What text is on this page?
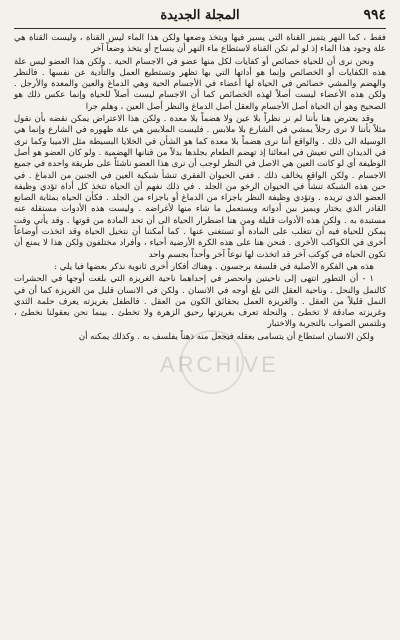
٩٩٤
المجلة الجديدة

فقط ، كما النهر يتميز القناة التي يسير فيها ويتخذ وضعها ولكن هذا الماء ليس القناة ، وليست القناة هي علة وجود هذا الماء إذ لو لم تكن القناة لاستطاع ماء النهر أن ينساح أو يتخذ وضعاً آخر

ونحن نرى أن للحياة خصائص أو كفايات لكل منها عضو في الاجسام الحية . ولكن هذا العضو ليس علة هذه الكفايات أو الخصائص وإنما هو أداتها التي بها تظهر وتستطيع العمل والتأدية عن نفسها . فالنظر والهضم والمشي خصائص في الحياة لها أعضاء في الأجسام الحية وهي الدماغ والعين والمعدة والأرجل . ولكن هذه الأعضاء ليست أصلاً لهذه الخصائص كما أن الاجسام ليست أصلاً للحياة وإنما عكس ذلك هو الصحيح وهو أن الحياة أصل الأجسام والعقل أصل الدماغ والنظر أصل العين ، وهلم جرا

وقد يعترض هنا بأننا لم نر نظراً بلا عين ولا هضماً بلا معدة . ولكن هذا الاعتراض يمكن نقضه بأن نقول مثلاً بأننا لا نرى رجلاً يمشي في الشارع بلا ملابس . فليست الملابس هي علة ظهوره في الشارع وإنما هي الوسيلة الى ذلك . والواقع أننا نرى هضماً بلا معدة كما هو الشأن في الخلايا البسيطة مثل الاميبا وكما نرى في الديدان التي تعيش في امعائنا إذ تهضم الطعام بجلدها بدلاً من قنانها الهضمية . ولو كان العضو هو أصل الوظيفة أي لو كانت العين هي الاصل في النظر لوجب أن نرى هذا العضو ناشئاً على طريقة واحدة في جميع الاجسام . ولكن الواقع يخالف ذلك . ففي الحيوان الفقري تنشأ شبكية العين في الجنين من الدماغ . في حين هذه الشبكة تنشأ في الحيوان الرخو من الجلد . في ذلك نفهم أن الحياة تتخذ كل أداة تؤدي وظيفة العضو الذي تريده . وتؤدي وظيفة النظر باجزاء من الدماغ أو باجزاء من الجلد . فكأن الحياة بمثابة الصانع القادر الذي يختار ويميز بين أدواته ويستعمل ما شاء منها لأغراضه . وليست هذه الأدوات مستقلة عنه مستبدة به . ولكن هذه الأدوات قليلة ومن هنا اضطرار الحياة الى أن تحد المادة من قوتها . وقد يأتي وقت يمكن للحياة فيه أن تتغلب على المادة أو تستغنى عنها . كما أمكننا أن نتخيل الحياة وقد اتخذت أوضاعاً أخرى في الكواكب الأخرى . فنحن هنا على هذه الكرة الأرضية أحياء ، وأفراد مختلفون ولكن هذا لا يمنع أن تكون الحياة في كوكب آخر قد اتخذت لها نوعاً آخر وأحداً بجسم واحد

هذه هي الفكرة الأصلية في فلسفة برجسون . وهناك أفكار أخرى ثانوية نذكر بعضها فيا يلي :

١ - أن التطور انتهى إلى ناحيتين وانحصر في إحداهما ناحية الغريزة التي بلغت أوجها في الحشرات كالنمل والنحل . وناحية العقل التي بلغ أوجه في الانسان . ولكن في الانسان قليل من الغريزة كما أن في النمل قليلاً من العقل . والغريزة العمل بحقائق الكون من العقل . فالطفل بغريزته يعرف حلمة الثدي وغريزته صادقة لا تخطئ . والنحلة تعرف بغريزتها رحيق الزهرة ولا تخطئ . بينما نحن بعقولنا نخطئ ، ونلتمس الصواب بالتجربة والاختبار

ولكن الانسان استطاع أن يتسامى بعقله فيجعل منه ذهناً يفلسف به . وكذلك يمكنه أن

ARCHIVE
